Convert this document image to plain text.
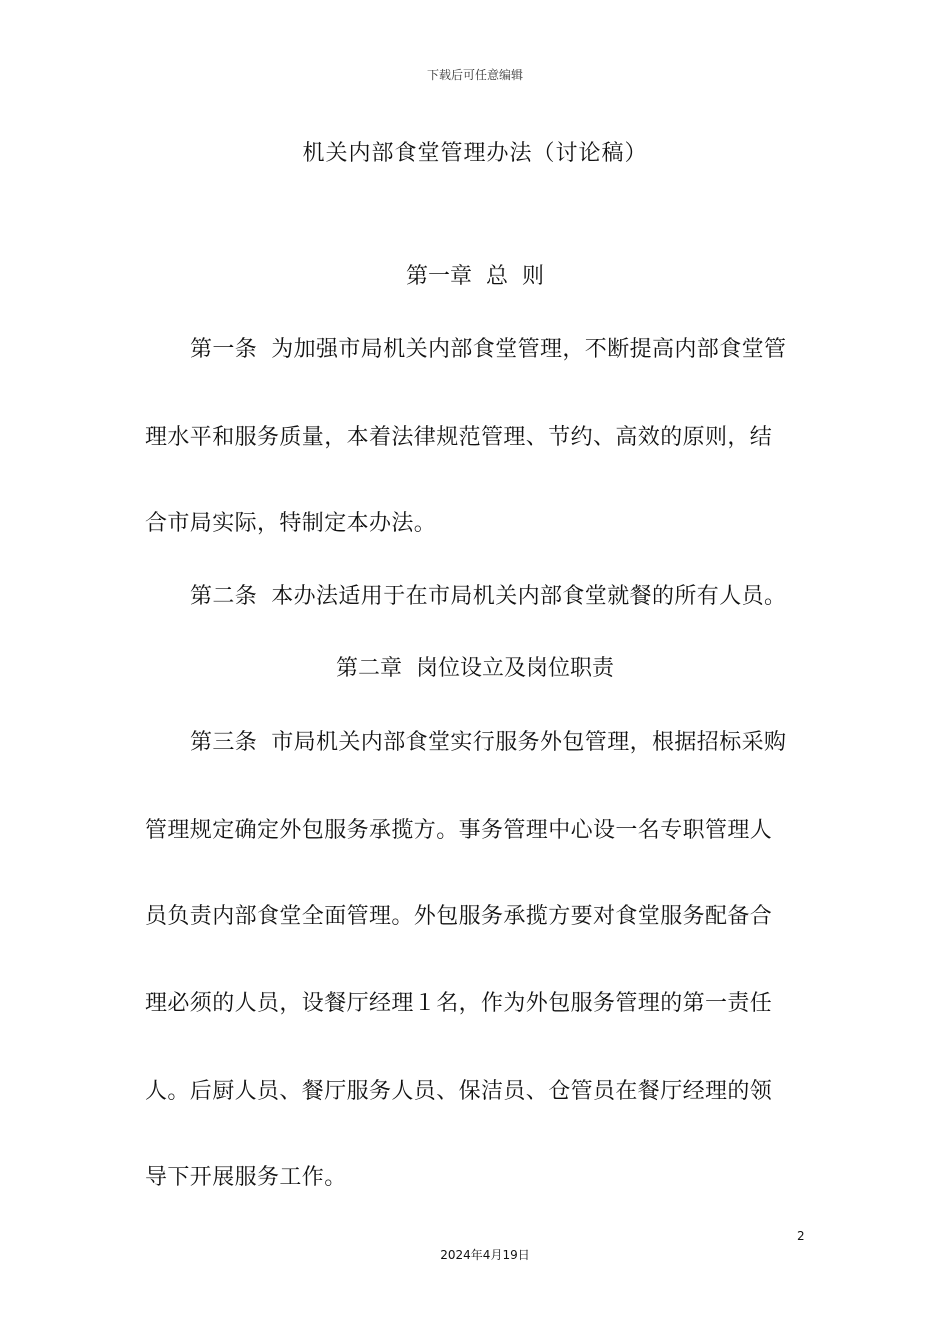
下载后可任意编辑
机关内部食堂管理办法（讨论稿）
第一章 总 则
第一条 为加强市局机关内部食堂管理，不断提高内部食堂管
理水平和服务质量，本着法律规范管理、节约、高效的原则，结
合市局实际，特制定本办法。
第二条 本办法适用于在市局机关内部食堂就餐的所有人员。
第二章 岗位设立及岗位职责
第三条 市局机关内部食堂实行服务外包管理，根据招标采购
管理规定确定外包服务承揽方。事务管理中心设一名专职管理人
员负责内部食堂全面管理。外包服务承揽方要对食堂服务配备合
理必须的人员，设餐厅经理１名，作为外包服务管理的第一责任
人。后厨人员、餐厅服务人员、保洁员、仓管员在餐厅经理的领
导下开展服务工作。
2
2024年4月19日
